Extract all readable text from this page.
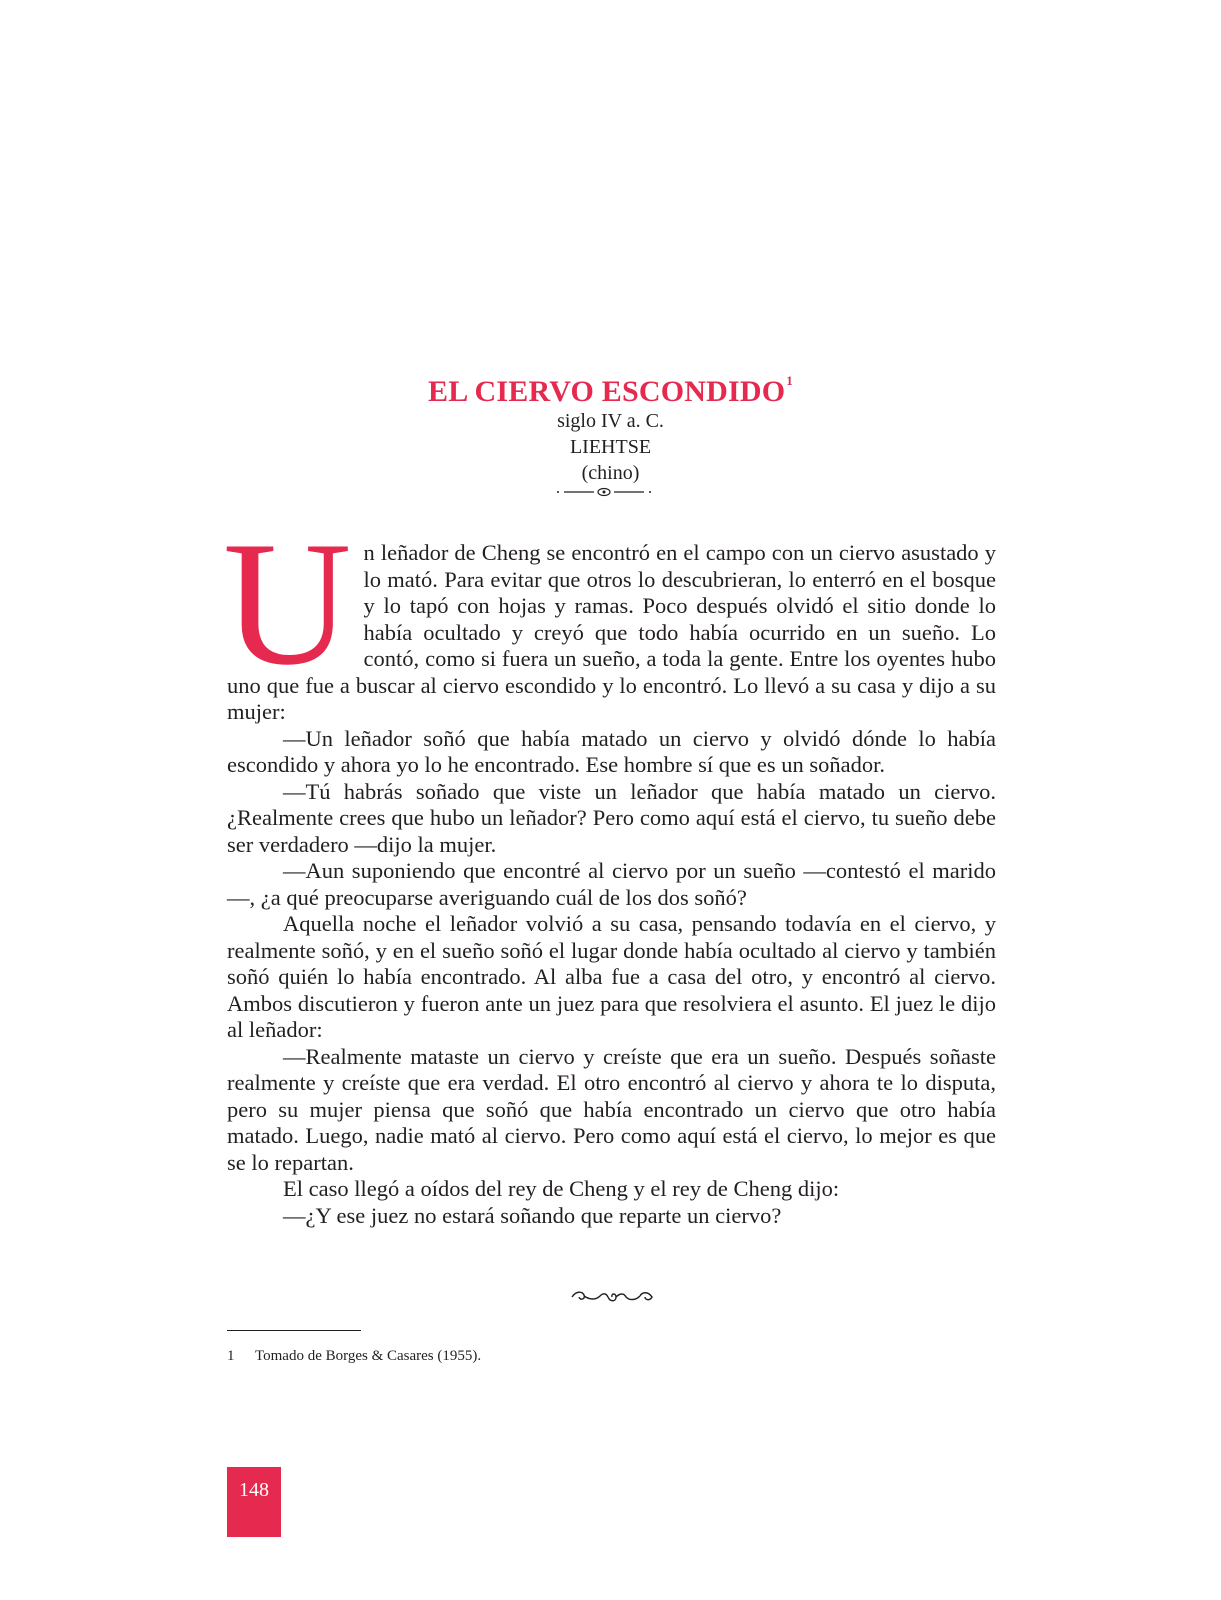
EL CIERVO ESCONDIDO$^1$
siglo IV a. C.
LIEHTSE
(chino)
U n leñador de Cheng se encontró en el campo con un ciervo asustado y lo mató. Para evitar que otros lo descubrieran, lo enterró en el bosque y lo tapó con hojas y ramas. Poco después olvidó el sitio donde lo había ocultado y creyó que todo había ocurrido en un sueño. Lo contó, como si fuera un sueño, a toda la gente. Entre los oyentes hubo uno que fue a buscar al ciervo escondido y lo encontró. Lo llevó a su casa y dijo a su mujer:

—Un leñador soñó que había matado un ciervo y olvidó dónde lo había escondido y ahora yo lo he encontrado. Ese hombre sí que es un soñador.

—Tú habrás soñado que viste un leñador que había matado un ciervo. ¿Realmente crees que hubo un leñador? Pero como aquí está el ciervo, tu sueño debe ser verdadero —dijo la mujer.

—Aun suponiendo que encontré al ciervo por un sueño —contestó el marido—, ¿a qué preocuparse averiguando cuál de los dos soñó?

Aquella noche el leñador volvió a su casa, pensando todavía en el ciervo, y realmente soñó, y en el sueño soñó el lugar donde había ocultado al ciervo y también soñó quién lo había encontrado. Al alba fue a casa del otro, y encontró al ciervo. Ambos discutieron y fueron ante un juez para que resolviera el asunto. El juez le dijo al leñador:

—Realmente mataste un ciervo y creíste que era un sueño. Después soñaste realmente y creíste que era verdad. El otro encontró al ciervo y ahora te lo disputa, pero su mujer piensa que soñó que había encontrado un ciervo que otro había matado. Luego, nadie mató al ciervo. Pero como aquí está el ciervo, lo mejor es que se lo repartan.

El caso llegó a oídos del rey de Cheng y el rey de Cheng dijo:

—¿Y ese juez no estará soñando que reparte un ciervo?

1 Tomado de Borges & Casares (1955).
148
